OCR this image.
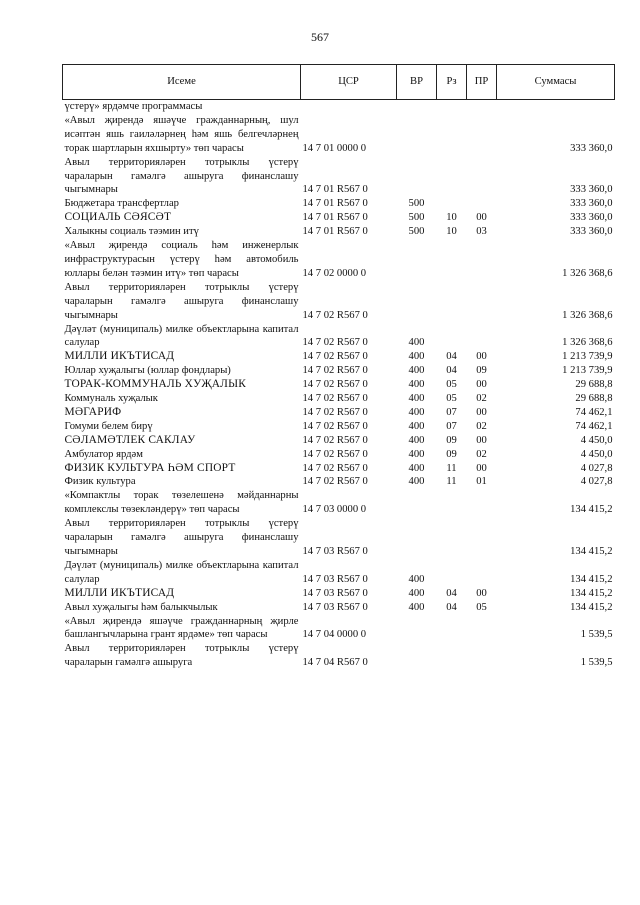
567
Исеме	ЦСР	ВР	Рз	ПР	Суммасы
үстерү» ярдәмче программасы					
«Авыл җирендә яшәүче гражданнарның, шул исәптән яшь гаиләләрнең һәм яшь белгечләрнең торак шартларын яхшырту» төп чарасы	14 7 01 0000 0				333 360,0
Авыл территорияләрен тотрыклы үстерү чараларын гамәлгә ашыруга финанслашу чыгымнары	14 7 01 R567 0				333 360,0
Бюджетара трансфертлар	14 7 01 R567 0	500			333 360,0
СОЦИАЛЬ СӘЯСӘТ	14 7 01 R567 0	500	10	00	333 360,0
Халыкны социаль тәэмин итү	14 7 01 R567 0	500	10	03	333 360,0
«Авыл җирендә социаль һәм инженерлык инфраструктурасын үстерү һәм автомобиль юллары белән тәэмин итү» төп чарасы	14 7 02 0000 0				1 326 368,6
Авыл территорияләрен тотрыклы үстерү чараларын гамәлгә ашыруга финанслашу чыгымнары	14 7 02 R567 0				1 326 368,6
Дәүләт (муниципаль) милке объектларына капитал салулар	14 7 02 R567 0	400			1 326 368,6
МИЛЛИ ИКЪТИСАД	14 7 02 R567 0	400	04	00	1 213 739,9
Юллар хуҗалыгы (юллар фондлары)	14 7 02 R567 0	400	04	09	1 213 739,9
ТОРАК-КОММУНАЛЬ ХУҖАЛЫК	14 7 02 R567 0	400	05	00	29 688,8
Коммуналь хуҗалык	14 7 02 R567 0	400	05	02	29 688,8
МӘГАРИФ	14 7 02 R567 0	400	07	00	74 462,1
Гомуми белем бирү	14 7 02 R567 0	400	07	02	74 462,1
СӘЛАМӘТЛЕК САКЛАУ	14 7 02 R567 0	400	09	00	4 450,0
Амбулатор ярдәм	14 7 02 R567 0	400	09	02	4 450,0
ФИЗИК КУЛЬТУРА ҺӘМ СПОРТ	14 7 02 R567 0	400	11	00	4 027,8
Физик культура	14 7 02 R567 0	400	11	01	4 027,8
«Компактлы торак төзелешенә мәйданнарны комплекслы төзекләндерү» төп чарасы	14 7 03 0000 0				134 415,2
Авыл территорияләрен тотрыклы үстерү чараларын гамәлгә ашыруга финанслашу чыгымнары	14 7 03 R567 0				134 415,2
Дәүләт (муниципаль) милке объектларына капитал салулар	14 7 03 R567 0	400			134 415,2
МИЛЛИ ИКЪТИСАД	14 7 03 R567 0	400	04	00	134 415,2
Авыл хуҗалыгы һәм балыкчылык	14 7 03 R567 0	400	04	05	134 415,2
«Авыл җирендә яшәүче гражданнарның җирле башлангычларына грант ярдәме» төп чарасы	14 7 04 0000 0				1 539,5
Авыл территорияләрен тотрыклы үстерү чараларын гамәлгә ашыруга	14 7 04 R567 0				1 539,5
